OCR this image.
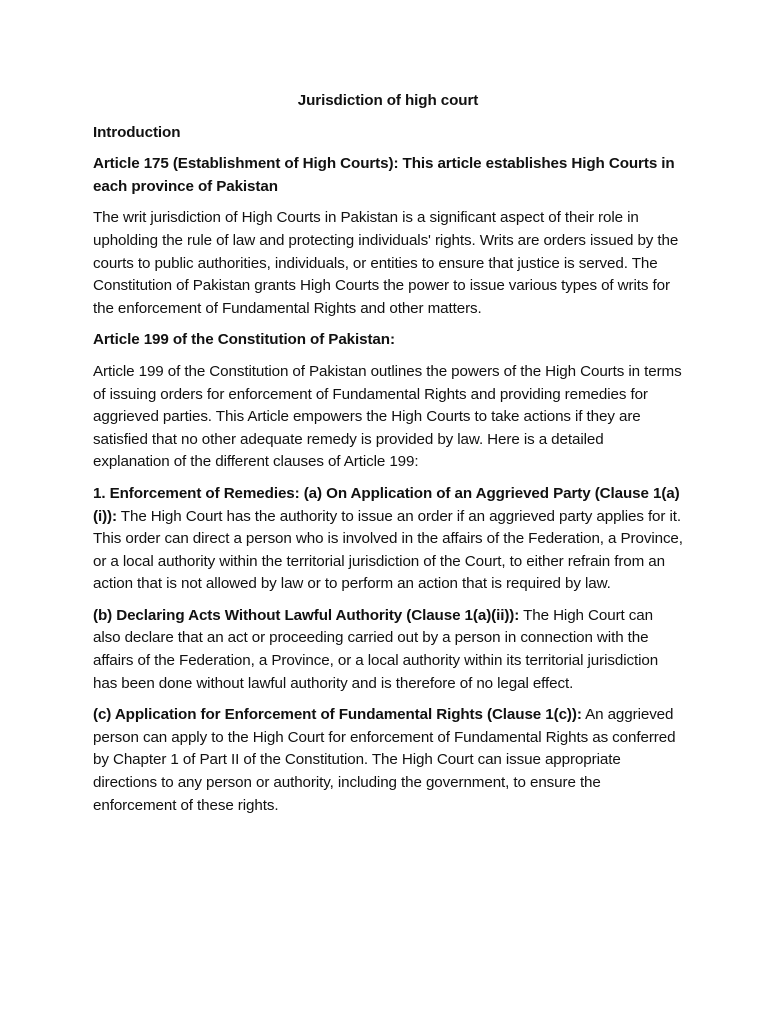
Jurisdiction of high court
Introduction
Article 175 (Establishment of High Courts): This article establishes High Courts in each province of Pakistan
The writ jurisdiction of High Courts in Pakistan is a significant aspect of their role in upholding the rule of law and protecting individuals' rights. Writs are orders issued by the courts to public authorities, individuals, or entities to ensure that justice is served. The Constitution of Pakistan grants High Courts the power to issue various types of writs for the enforcement of Fundamental Rights and other matters.
Article 199 of the Constitution of Pakistan:
Article 199 of the Constitution of Pakistan outlines the powers of the High Courts in terms of issuing orders for enforcement of Fundamental Rights and providing remedies for aggrieved parties. This Article empowers the High Courts to take actions if they are satisfied that no other adequate remedy is provided by law. Here is a detailed explanation of the different clauses of Article 199:
1. Enforcement of Remedies: (a) On Application of an Aggrieved Party (Clause 1(a)(i)): The High Court has the authority to issue an order if an aggrieved party applies for it. This order can direct a person who is involved in the affairs of the Federation, a Province, or a local authority within the territorial jurisdiction of the Court, to either refrain from an action that is not allowed by law or to perform an action that is required by law.
(b) Declaring Acts Without Lawful Authority (Clause 1(a)(ii)): The High Court can also declare that an act or proceeding carried out by a person in connection with the affairs of the Federation, a Province, or a local authority within its territorial jurisdiction has been done without lawful authority and is therefore of no legal effect.
(c) Application for Enforcement of Fundamental Rights (Clause 1(c)): An aggrieved person can apply to the High Court for enforcement of Fundamental Rights as conferred by Chapter 1 of Part II of the Constitution. The High Court can issue appropriate directions to any person or authority, including the government, to ensure the enforcement of these rights.
